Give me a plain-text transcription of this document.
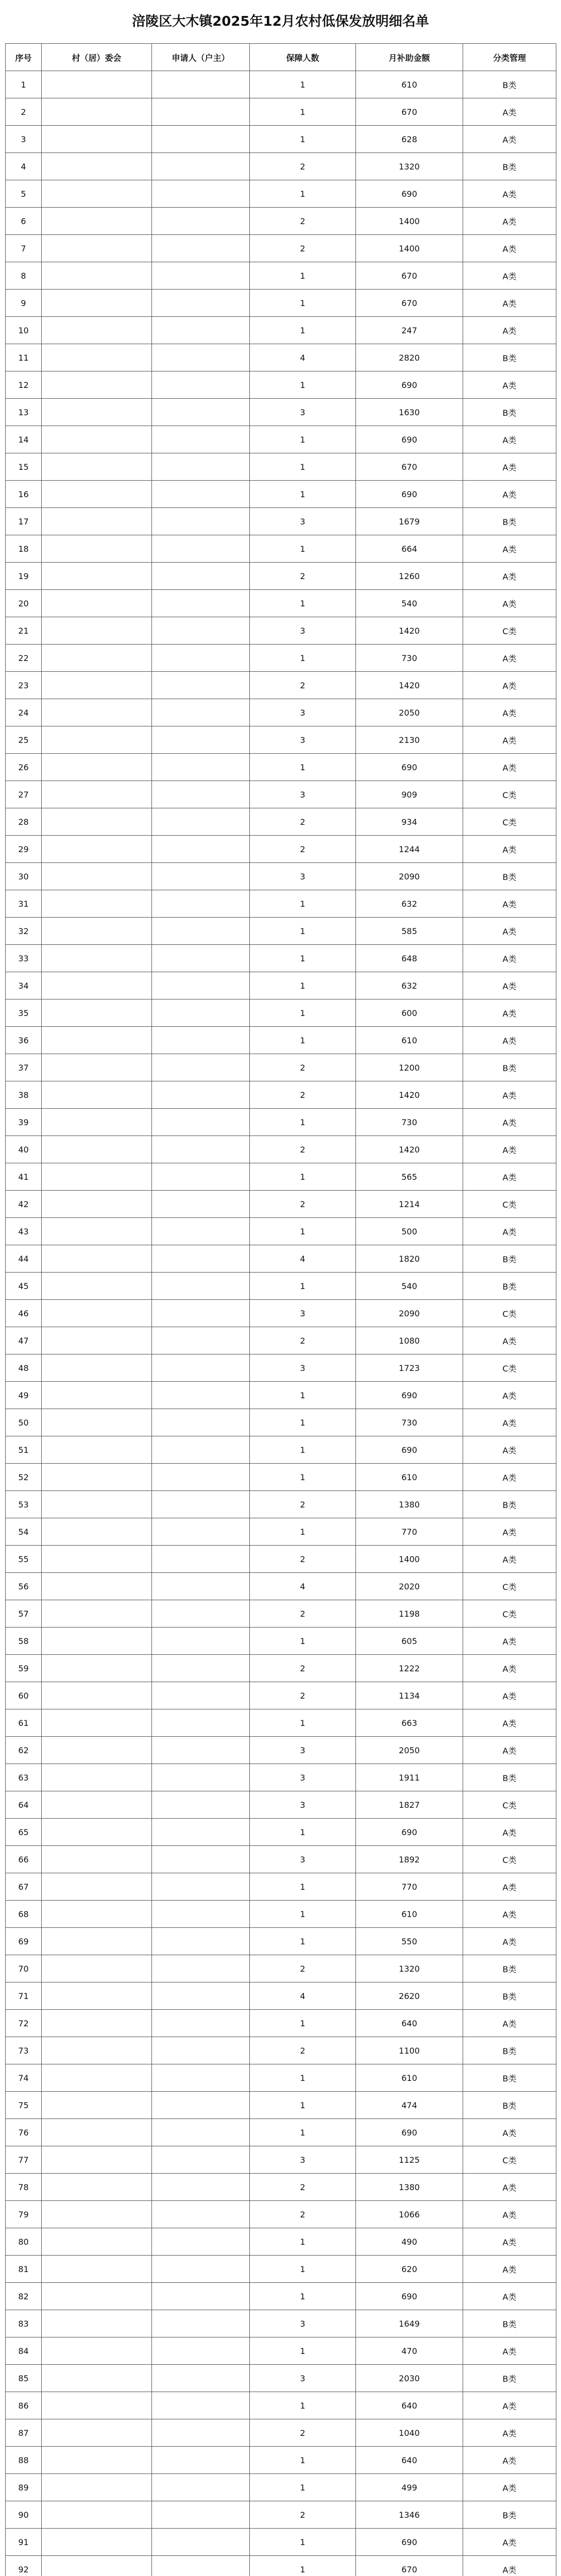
涪陵区大木镇2025年12月农村低保发放明细名单
序号	村（居）委会	申请人（户主）	保障人数	月补助金额	分类管理
1			1	610	B类
2			1	670	A类
3			1	628	A类
4			2	1320	B类
5			1	690	A类
6			2	1400	A类
7			2	1400	A类
8			1	670	A类
9			1	670	A类
10			1	247	A类
11			4	2820	B类
12			1	690	A类
13			3	1630	B类
14			1	690	A类
15			1	670	A类
16			1	690	A类
17			3	1679	B类
18			1	664	A类
19			2	1260	A类
20			1	540	A类
21			3	1420	C类
22			1	730	A类
23			2	1420	A类
24			3	2050	A类
25			3	2130	A类
26			1	690	A类
27			3	909	C类
28			2	934	C类
29			2	1244	A类
30			3	2090	B类
31			1	632	A类
32			1	585	A类
33			1	648	A类
34			1	632	A类
35			1	600	A类
36			1	610	A类
37			2	1200	B类
38			2	1420	A类
39			1	730	A类
40			2	1420	A类
41			1	565	A类
42			2	1214	C类
43			1	500	A类
44			4	1820	B类
45			1	540	B类
46			3	2090	C类
47			2	1080	A类
48			3	1723	C类
49			1	690	A类
50			1	730	A类
51			1	690	A类
52			1	610	A类
53			2	1380	B类
54			1	770	A类
55			2	1400	A类
56			4	2020	C类
57			2	1198	C类
58			1	605	A类
59			2	1222	A类
60			2	1134	A类
61			1	663	A类
62			3	2050	A类
63			3	1911	B类
64			3	1827	C类
65			1	690	A类
66			3	1892	C类
67			1	770	A类
68			1	610	A类
69			1	550	A类
70			2	1320	B类
71			4	2620	B类
72			1	640	A类
73			2	1100	B类
74			1	610	B类
75			1	474	B类
76			1	690	A类
77			3	1125	C类
78			2	1380	A类
79			2	1066	A类
80			1	490	A类
81			1	620	A类
82			1	690	A类
83			3	1649	B类
84			1	470	A类
85			3	2030	B类
86			1	640	A类
87			2	1040	A类
88			1	640	A类
89			1	499	A类
90			2	1346	B类
91			1	690	A类
92			1	670	A类
